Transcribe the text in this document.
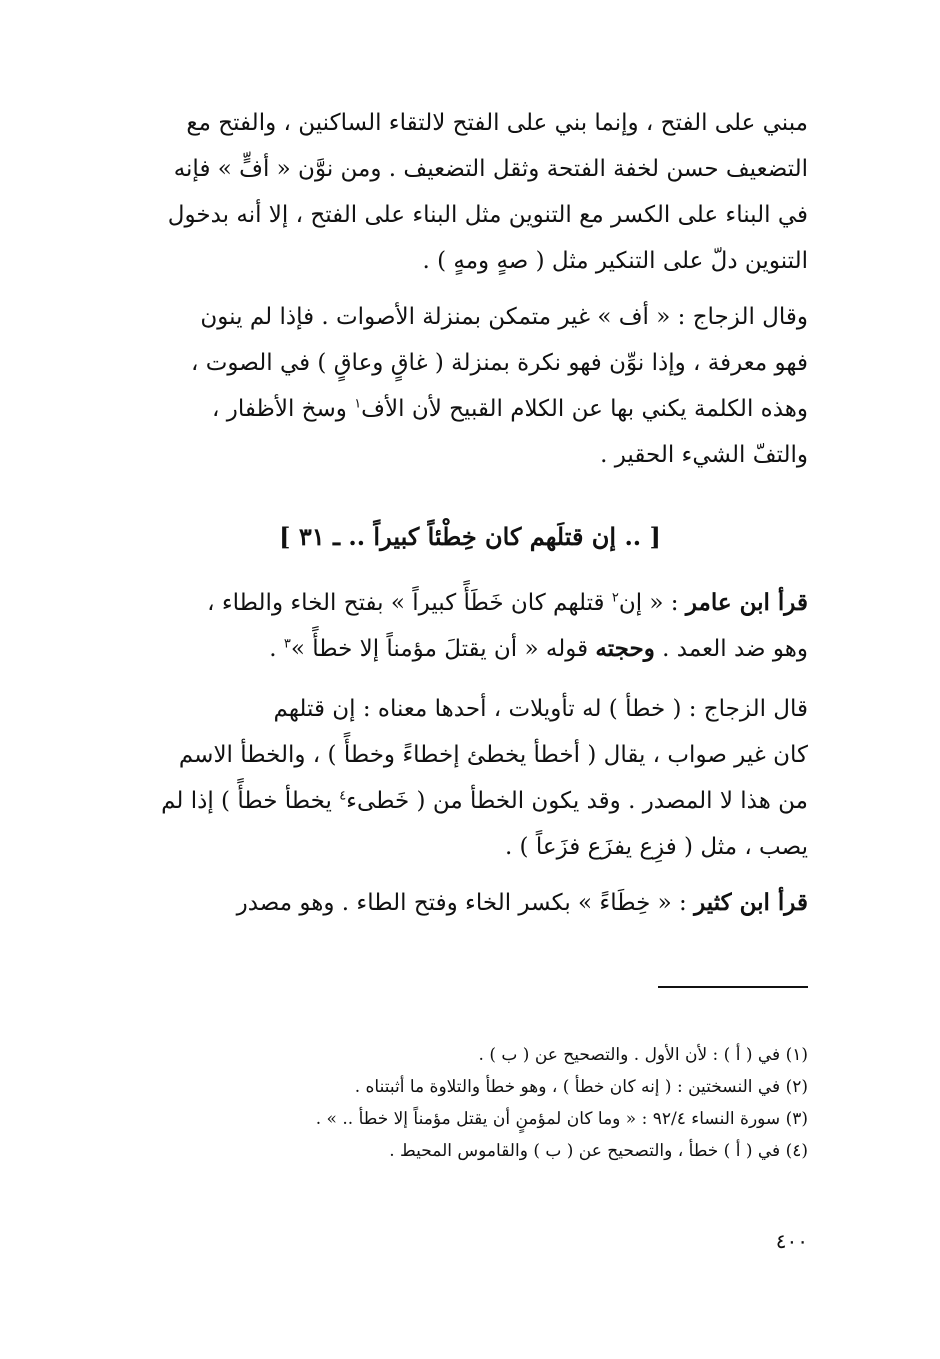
مبني على الفتح ، وإنما بني على الفتح لالتقاء الساكنين ، والفتح مع

التضعيف حسن لخفة الفتحة وثقل التضعيف . ومن نوَّن « أفٍّ » فإنه

في البناء على الكسر مع التنوين مثل البناء على الفتح ، إلا أنه بدخول

التنوين دلّ على التنكير مثل ( صهٍ ومهٍ ) .

وقال الزجاج : « أف » غير متمكن بمنزلة الأصوات . فإذا لم ينون

فهو معرفة ، وإذا نوِّن فهو نكرة بمنزلة ( غاقٍ وعاقٍ ) في الصوت ،

وهذه الكلمة يكني بها عن الكلام القبيح لأن الأف$^١$ وسخ الأظفار ،

والتفّ الشيء الحقير .

[ .. إن قتلَهم كان خِطْئاً كبيراً .. ـ ٣١ ]

قرأ ابن عامر : « إن$^٢$ قتلهم كان خَطَأً كبيراً » بفتح الخاء والطاء ،

وهو ضد العمد . وحجته قوله « أن يقتلَ مؤمناً إلا خطأً »$^٣$ .

قال الزجاج : ( خطأ ) له تأويلات ، أحدها معناه : إن قتلهم

كان غير صواب ، يقال ( أخطأ يخطئ إخطاءً وخطأً ) ، والخطأ الاسم

من هذا لا المصدر . وقد يكون الخطأ من ( خَطىء$^٤$ يخطأ خطأً ) إذا لم

يصب ، مثل ( فزِع يفزَع فزَعاً ) .

قرأ ابن كثير : « خِطَاءً » بكسر الخاء وفتح الطاء . وهو مصدر

(١) في ( أ ) : لأن الأول . والتصحيح عن ( ب ) .

(٢) في النسختين : ( إنه كان خطأ ) ، وهو خطأ والتلاوة ما أثبتناه .

(٣) سورة النساء ٩٢/٤ : « وما كان لمؤمنٍ أن يقتل مؤمناً إلا خطأ .. » .

(٤) في ( أ ) خطأ ، والتصحيح عن ( ب ) والقاموس المحيط .

٤٠٠
